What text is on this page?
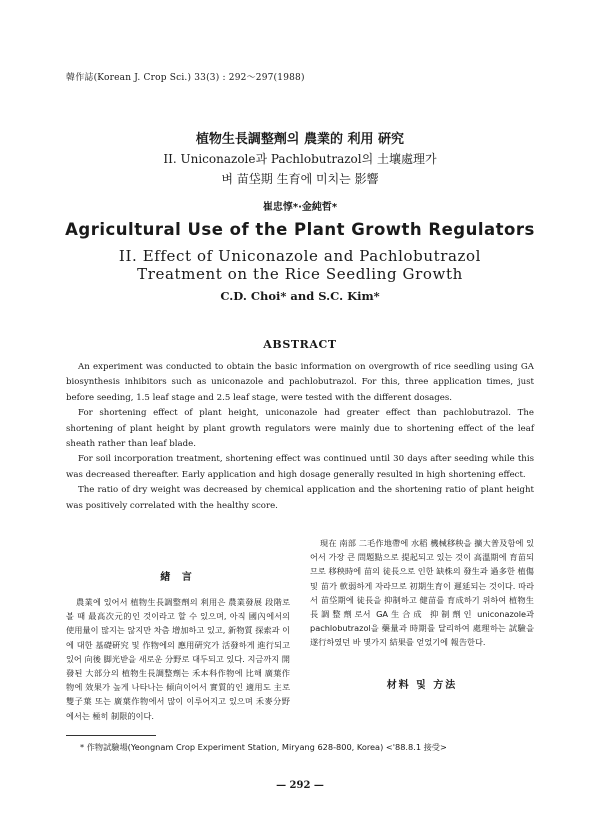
韓作誌(Korean J. Crop Sci.) 33(3) : 292～297(1988)
植物生長調整劑의 農業的 利用 硏究
II. Uniconazole과 Pachlobutrazol의 土壤處理가
벼 苗垈期 生育에 미치는 影響
崔忠惇*·金純哲*
Agricultural Use of the Plant Growth Regulators
II. Effect of Uniconazole and Pachlobutrazol
Treatment on the Rice Seedling Growth
C.D. Choi* and S.C. Kim*
ABSTRACT

An experiment was conducted to obtain the basic information on overgrowth of rice seedling using GA biosynthesis inhibitors such as uniconazole and pachlobutrazol. For this, three application times, just before seeding, 1.5 leaf stage and 2.5 leaf stage, were tested with the different dosages.

For shortening effect of plant height, uniconazole had greater effect than pachlobutrazol. The shortening of plant height by plant growth regulators were mainly due to shortening effect of the leaf sheath rather than leaf blade.

For soil incorporation treatment, shortening effect was continued until 30 days after seeding while this was decreased thereafter. Early application and high dosage generally resulted in high shortening effect.

The ratio of dry weight was decreased by chemical application and the shortening ratio of plant height was positively correlated with the healthy score.

緖 言

農業에 있어서 植物生長調整劑의 利用은 農業發展 段階로 볼 때 最高次元的인 것이라고 할 수 있으며, 아직 國內에서의 使用量이 많지는 않지만 차츰 增加하고 있고, 新物質 探索과 이에 대한 基礎硏究 및 作物에의 應用硏究가 活發하게 進行되고 있어 向後 脚光받을 새로운 分野로 대두되고 있다. 지금까지 開發된 大部分의 植物生長調整劑는 禾本科作物에 比해 廣葉作物에 效果가 높게 나타나는 傾向이어서 實質的인 適用도 主로 雙子葉 또는 廣葉作物에서 많이 이루어지고 있으며 禾麥分野에서는 極히 制限的이다.

現在 南部 二毛作地帶에 水稻 機械移秧을 擴大普及함에 있어서 가장 큰 問題點으로 提起되고 있는 것이 高溫期에 育苗되므로 移秧時에 苗의 徒長으로 인한 缺株의 發生과 過多한 植傷 및 苗가 軟弱하게 자라므로 初期生育이 遲延되는 것이다. 따라서 苗垈期에 徒長을 抑制하고 健苗를 育成하기 위하여 植物生長調整劑로서 GA生合成 抑制劑인 uniconazole과 pachlobutrazol을 藥量과 時期를 달리하여 處理하는 試驗을 遂行하였던 바 몇가지 結果를 얻었기에 報告한다.

材料 및 方法
* 作物試驗場(Yeongnam Crop Experiment Station, Miryang 628-800, Korea) <'88.8.1 接受>
— 292 —
